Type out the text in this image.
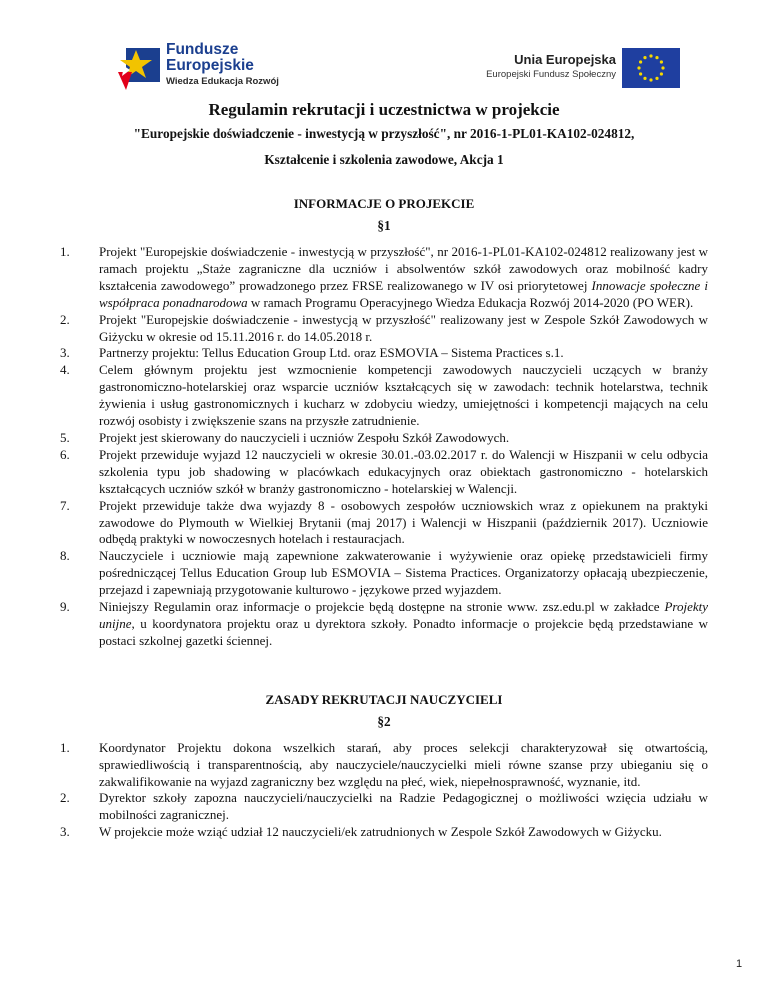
Fundusze
Europejskie
Wiedza Edukacja Rozwój
Unia Europejska
Europejski Fundusz Społeczny
Regulamin rekrutacji i uczestnictwa w projekcie
"Europejskie doświadczenie - inwestycją w przyszłość", nr 2016-1-PL01-KA102-024812,
Kształcenie i szkolenia zawodowe, Akcja 1
INFORMACJE O PROJEKCIE
§1
1.	Projekt "Europejskie doświadczenie - inwestycją w przyszłość", nr 2016-1-PL01-KA102-024812 realizowany jest w ramach projektu „Staże zagraniczne dla uczniów i absolwentów szkół zawodowych oraz mobilność kadry kształcenia zawodowego” prowadzonego przez FRSE realizowanego w IV osi priorytetowej Innowacje społeczne i współpraca ponadnarodowa w ramach Programu Operacyjnego Wiedza Edukacja Rozwój 2014-2020 (PO WER).
2.	Projekt "Europejskie doświadczenie - inwestycją w przyszłość" realizowany jest w Zespole Szkół Zawodowych w Giżycku w okresie od 15.11.2016 r. do 14.05.2018 r.
3.	Partnerzy projektu: Tellus Education Group Ltd. oraz ESMOVIA – Sistema Practices s.1.
4.	Celem głównym projektu jest wzmocnienie kompetencji zawodowych nauczycieli uczących w branży gastronomiczno-hotelarskiej oraz wsparcie uczniów kształcących się w zawodach: technik hotelarstwa, technik żywienia i usług gastronomicznych i kucharz w zdobyciu wiedzy, umiejętności i kompetencji mających na celu rozwój osobisty i zwiększenie szans na przyszłe zatrudnienie.
5.	Projekt jest skierowany do nauczycieli i uczniów Zespołu Szkół Zawodowych.
6.	Projekt przewiduje wyjazd 12 nauczycieli w okresie 30.01.-03.02.2017 r. do Walencji w Hiszpanii w celu odbycia szkolenia typu job shadowing w placówkach edukacyjnych oraz obiektach gastronomiczno - hotelarskich kształcących uczniów szkół w branży gastronomiczno - hotelarskiej w Walencji.
7.	Projekt przewiduje także dwa wyjazdy 8 - osobowych zespołów uczniowskich wraz z opiekunem na praktyki zawodowe do Plymouth w Wielkiej Brytanii (maj 2017) i Walencji w Hiszpanii (październik 2017). Uczniowie odbędą praktyki w nowoczesnych hotelach i restauracjach.
8.	Nauczyciele i uczniowie mają zapewnione zakwaterowanie i wyżywienie oraz opiekę przedstawicieli firmy pośredniczącej Tellus Education Group lub ESMOVIA – Sistema Practices. Organizatorzy opłacają ubezpieczenie, przejazd i zapewniają przygotowanie kulturowo - językowe przed wyjazdem.
9.	Niniejszy Regulamin oraz informacje o projekcie będą dostępne na stronie www. zsz.edu.pl w zakładce Projekty unijne, u koordynatora projektu oraz u dyrektora szkoły. Ponadto informacje o projekcie będą przedstawiane w postaci szkolnej gazetki ściennej.
ZASADY REKRUTACJI NAUCZYCIELI
§2
1.	Koordynator Projektu dokona wszelkich starań, aby proces selekcji charakteryzował się otwartością, sprawiedliwością i transparentnością, aby nauczyciele/nauczycielki mieli równe szanse przy ubieganiu się o zakwalifikowanie na wyjazd zagraniczny bez względu na płeć, wiek, niepełnosprawność, wyznanie, itd.
2.	Dyrektor szkoły zapozna nauczycieli/nauczycielki na Radzie Pedagogicznej o możliwości wzięcia udziału w mobilności zagranicznej.
3.	W projekcie może wziąć udział 12 nauczycieli/ek zatrudnionych w Zespole Szkół Zawodowych w Giżycku.
1
